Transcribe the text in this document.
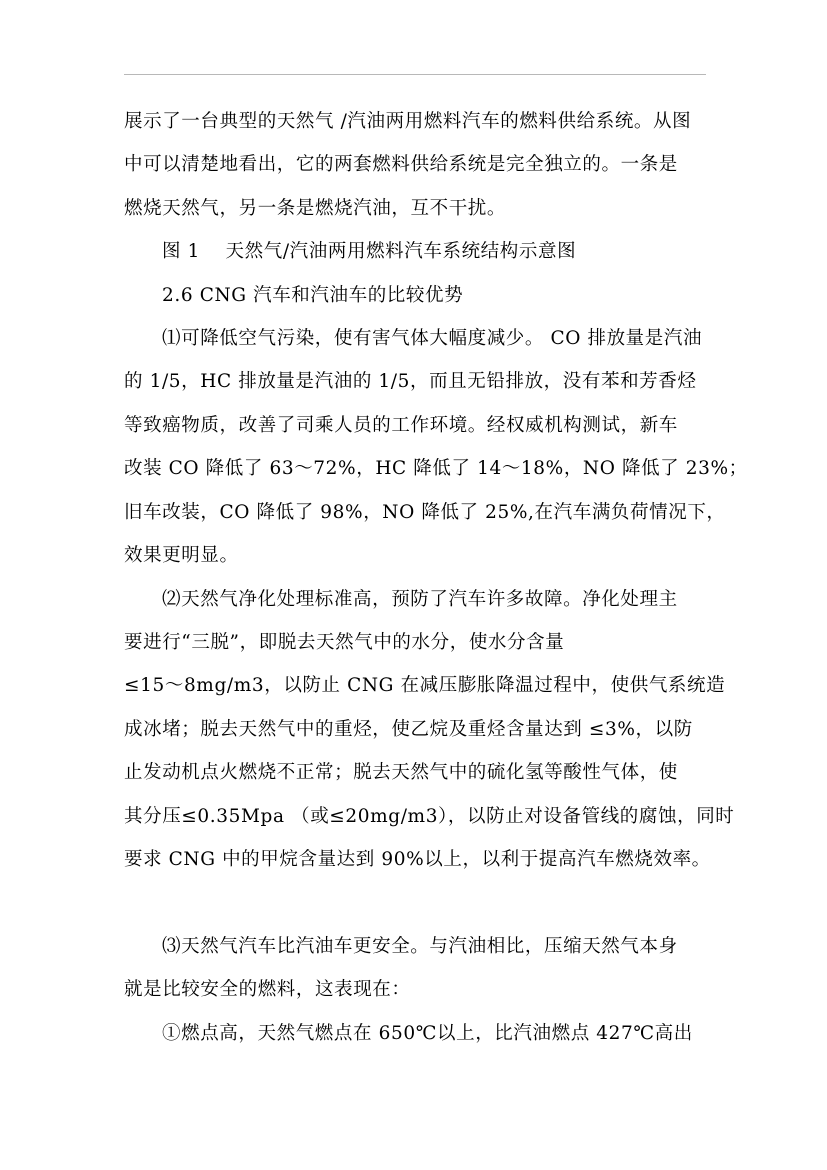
展示了一台典型的天然气 /汽油两用燃料汽车的燃料供给系统。从图
中可以清楚地看出，它的两套燃料供给系统是完全独立的。一条是
燃烧天然气，另一条是燃烧汽油，互不干扰。
图 1　 天然气/汽油两用燃料汽车系统结构示意图
2.6 CNG 汽车和汽油车的比较优势
⑴可降低空气污染，使有害气体大幅度减少。 CO 排放量是汽油
的 1/5，HC 排放量是汽油的 1/5，而且无铅排放，没有苯和芳香烃
等致癌物质，改善了司乘人员的工作环境。经权威机构测试，新车
改装 CO 降低了 63～72%，HC 降低了 14～18%，NO 降低了 23%；
旧车改装，CO 降低了 98%，NO 降低了 25%,在汽车满负荷情况下，
效果更明显。
⑵天然气净化处理标准高，预防了汽车许多故障。净化处理主
要进行“三脱”，即脱去天然气中的水分，使水分含量
≤15～8mg/m3，以防止 CNG 在减压膨胀降温过程中，使供气系统造
成冰堵；脱去天然气中的重烃，使乙烷及重烃含量达到 ≤3%，以防
止发动机点火燃烧不正常；脱去天然气中的硫化氢等酸性气体，使
其分压≤0.35Mpa （或≤20mg/m3），以防止对设备管线的腐蚀，同时
要求 CNG 中的甲烷含量达到 90%以上，以利于提高汽车燃烧效率。
⑶天然气汽车比汽油车更安全。与汽油相比，压缩天然气本身
就是比较安全的燃料，这表现在：
①燃点高，天然气燃点在 650℃以上，比汽油燃点 427℃高出
